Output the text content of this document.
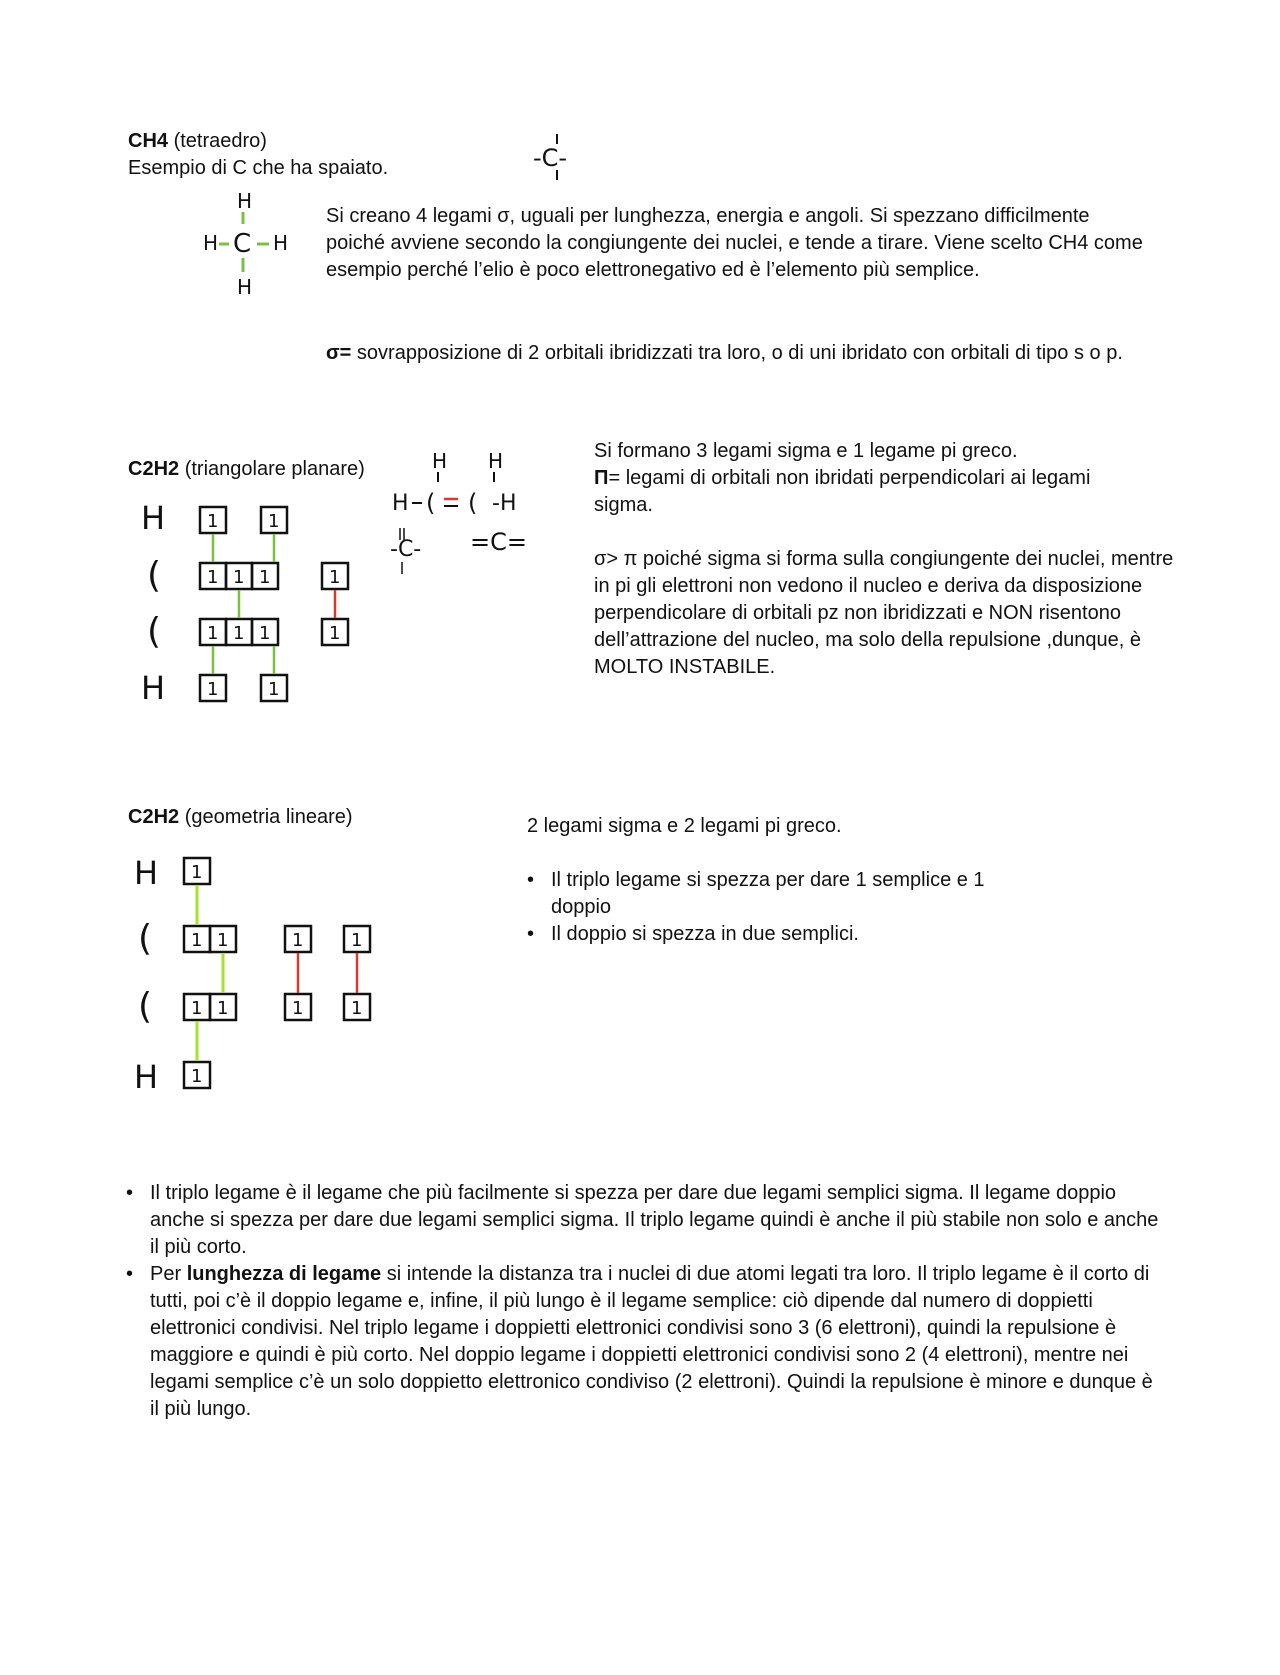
CH4 (tetraedro)
Esempio di C che ha spaiato.	-C-
H
H C H
H
Si creano 4 legami σ, uguali per lunghezza, energia e angoli. Si spezzano difficilmente poiché avviene secondo la congiungente dei nuclei, e tende a tirare. Viene scelto CH4 come esempio perché l’elio è poco elettronegativo ed è l’elemento più semplice.
σ= sovrapposizione di 2 orbitali ibridizzati tra loro, o di uni ibridato con orbitali di tipo s o p.
C2H2 (triangolare planare)
H
(
(
H
1	1
1 1 1	1
1 1 1	1
1	1
H H
H ( ( -H
-C- =C=
Si formano 3 legami sigma e 1 legame pi greco.
Π= legami di orbitali non ibridati perpendicolari ai legami sigma.
σ> π poiché sigma si forma sulla congiungente dei nuclei, mentre in pi gli elettroni non vedono il nucleo e deriva da disposizione perpendicolare di orbitali pz non ibridizzati e NON risentono dell’attrazione del nucleo, ma solo della repulsione ,dunque, è MOLTO INSTABILE.
C2H2 (geometria lineare)
H
(
(
H
1
1 1	1	1
1 1	1	1
1
2 legami sigma e 2 legami pi greco.
• Il triplo legame si spezza per dare 1 semplice e 1 doppio
• Il doppio si spezza in due semplici.
• Il triplo legame è il legame che più facilmente si spezza per dare due legami semplici sigma. Il legame doppio anche si spezza per dare due legami semplici sigma. Il triplo legame quindi è anche il più stabile non solo e anche il più corto.
• Per lunghezza di legame si intende la distanza tra i nuclei di due atomi legati tra loro. Il triplo legame è il corto di tutti, poi c’è il doppio legame e, infine, il più lungo è il legame semplice: ciò dipende dal numero di doppietti elettronici condivisi. Nel triplo legame i doppietti elettronici condivisi sono 3 (6 elettroni), quindi la repulsione è maggiore e quindi è più corto. Nel doppio legame i doppietti elettronici condivisi sono 2 (4 elettroni), mentre nei legami semplice c’è un solo doppietto elettronico condiviso (2 elettroni). Quindi la repulsione è minore e dunque è il più lungo.
